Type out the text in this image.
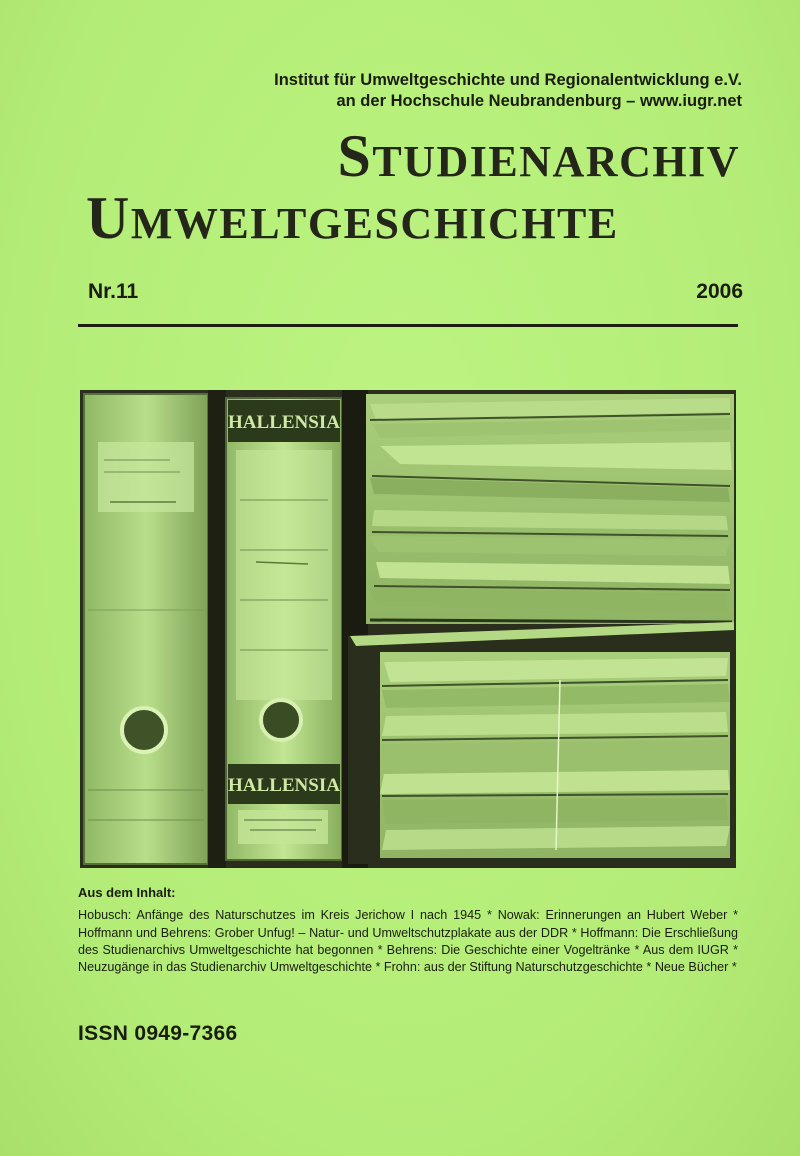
Institut für Umweltgeschichte und Regionalentwicklung e.V.
an der Hochschule Neubrandenburg – www.iugr.net
STUDIENARCHIV
UMWELTGESCHICHTE
Nr.11	2006
HALLENSIA
HALLENSIA
Aus dem Inhalt:
Hobusch: Anfänge des Naturschutzes im Kreis Jerichow I nach 1945 * Nowak: Erinnerungen an Hubert Weber * Hoffmann und Behrens: Grober Unfug! – Natur- und Umweltschutzplakate aus der DDR * Hoffmann: Die Erschließung des Studienarchivs Umweltgeschichte hat begonnen * Behrens: Die Geschichte einer Vogeltränke * Aus dem IUGR * Neuzugänge in das Studienarchiv Umweltgeschichte * Frohn: aus der Stiftung Naturschutzgeschichte * Neue Bücher *
ISSN 0949-7366
